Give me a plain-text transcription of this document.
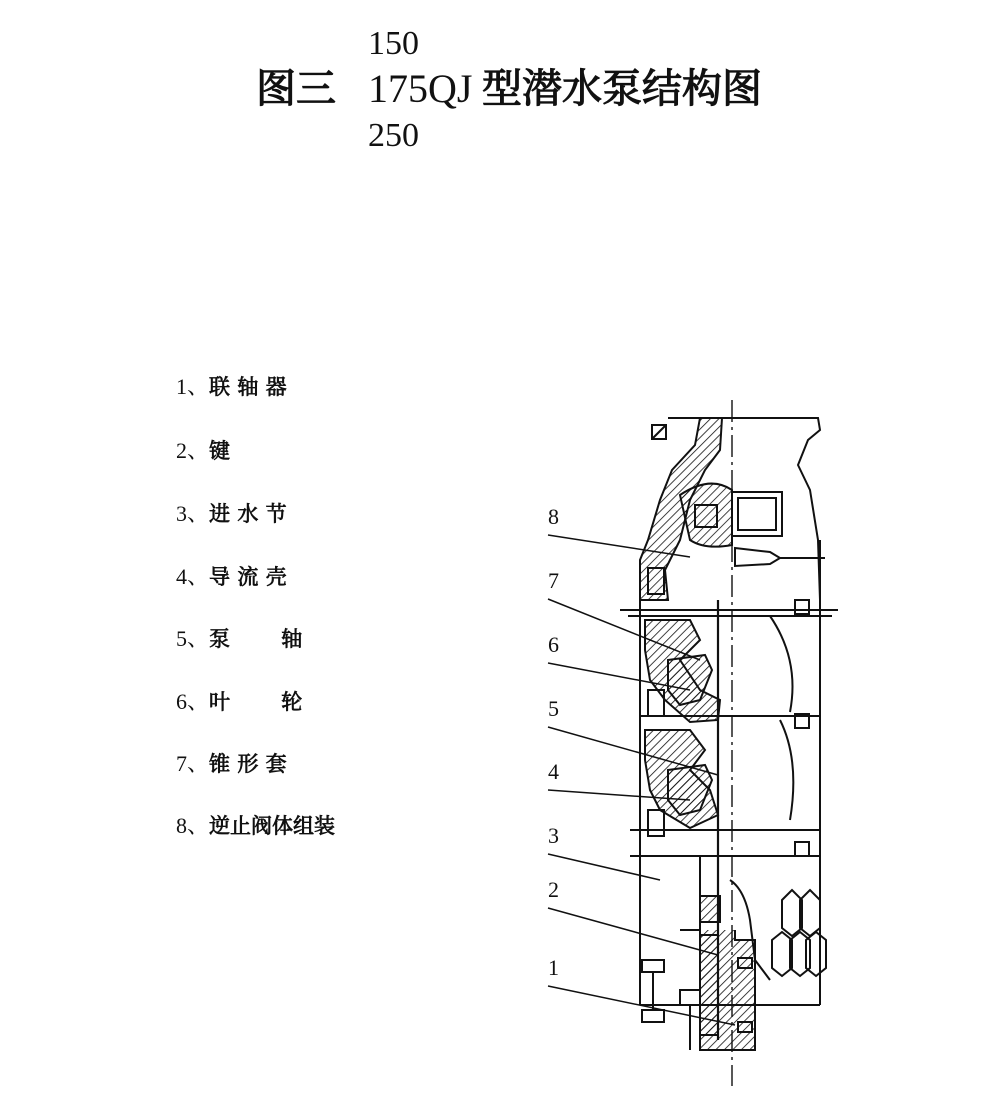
150
图三 175QJ 型潜水泵结构图
250
1、联 轴 器
2、键
3、进 水 节
4、导 流 壳
5、泵       轴
6、叶       轮
7、锥 形 套
8、逆止阀体组装
8
7
6
5
4
3
2
1
